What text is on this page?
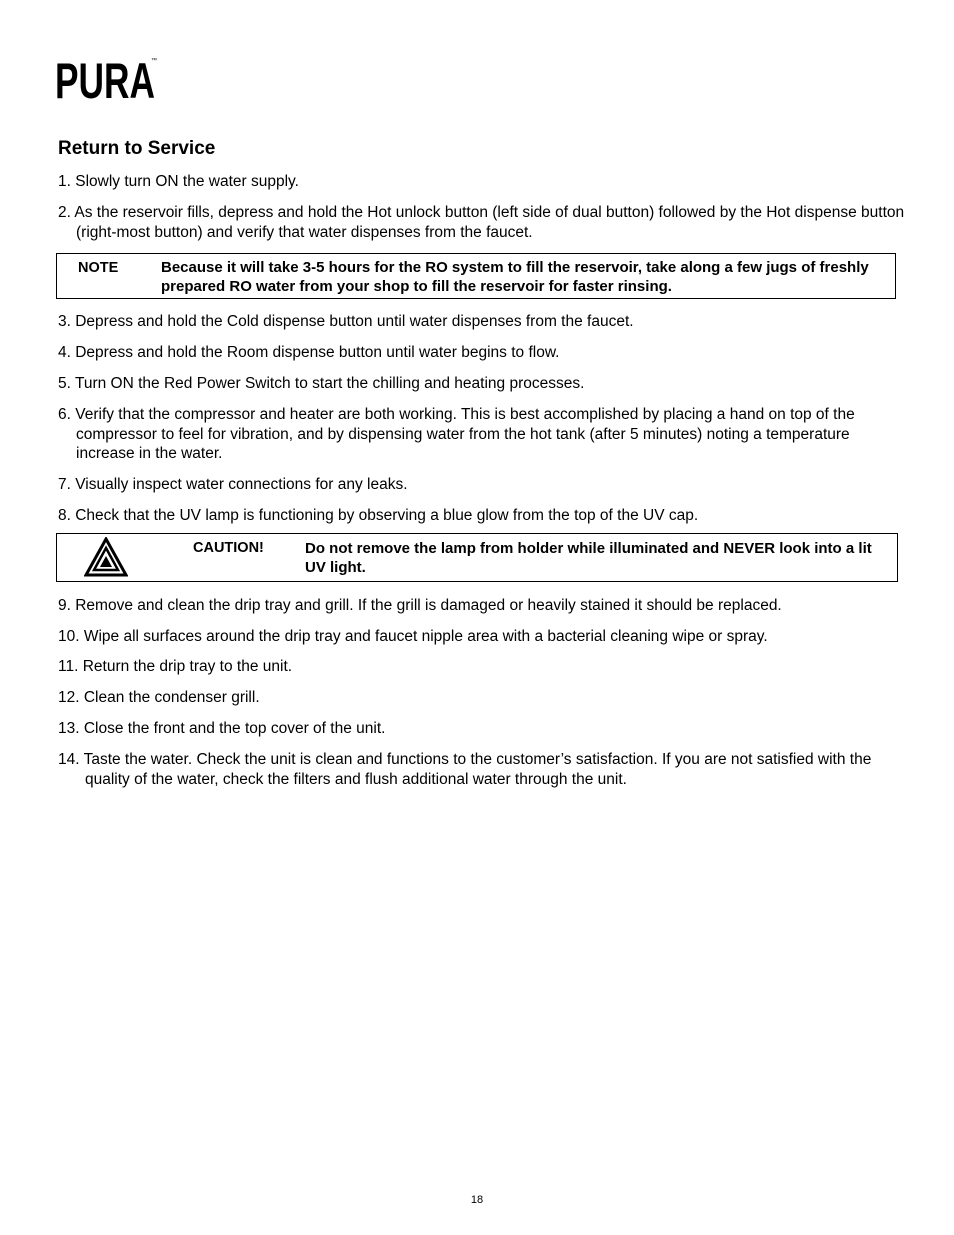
PURA
™
Return to Service
1. Slowly turn ON the water supply.
2. As the reservoir fills, depress and hold the Hot unlock button (left side of dual button) followed by the Hot dispense button (right-most button) and verify that water dispenses from the faucet.
NOTE	Because it will take 3-5 hours for the RO system to fill the reservoir, take along a few jugs of freshly prepared RO water from your shop to fill the reservoir for faster rinsing.
3. Depress and hold the Cold dispense button until water dispenses from the faucet.
4. Depress and hold the Room dispense button until water begins to flow.
5. Turn ON the Red Power Switch to start the chilling and heating processes.
6. Verify that the compressor and heater are both working. This is best accomplished by placing a hand on top of the compressor to feel for vibration, and by dispensing water from the hot tank (after 5 minutes) noting a temperature increase in the water.
7. Visually inspect water connections for any leaks.
8. Check that the UV lamp is functioning by observing a blue glow from the top of the UV cap.
CAUTION!	Do not remove the lamp from holder while illuminated and NEVER look into a lit UV light.
9. Remove and clean the drip tray and grill. If the grill is damaged or heavily stained it should be replaced.
10. Wipe all surfaces around the drip tray and faucet nipple area with a bacterial cleaning wipe or spray.
11. Return the drip tray to the unit.
12. Clean the condenser grill.
13. Close the front and the top cover of the unit.
14. Taste the water. Check the unit is clean and functions to the customer’s satisfaction. If you are not satisfied with the quality of the water, check the filters and flush additional water through the unit.
18
